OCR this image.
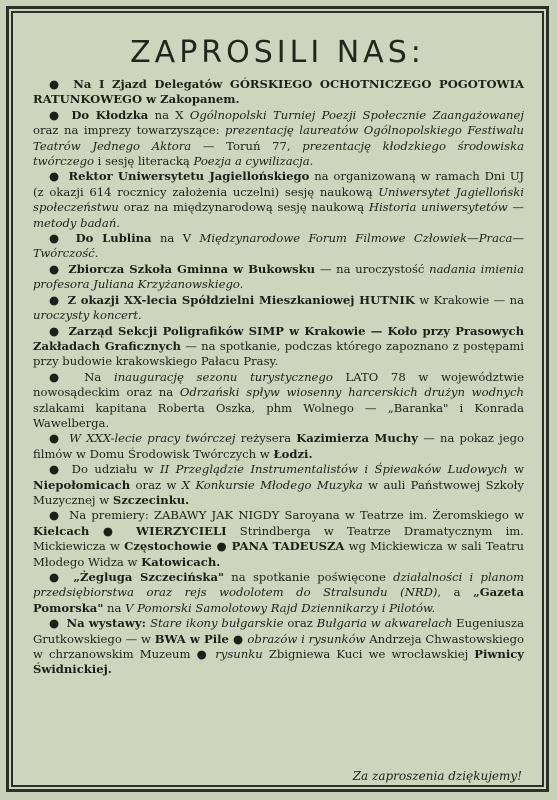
ZAPROSILI NAS:

● Na I Zjazd Delegatów GÓRSKIEGO OCHOTNICZEGO POGOTOWIA RATUNKOWEGO w Zakopanem.

● Do Kłodzka na X Ogólnopolski Turniej Poezji Społecznie Zaangażowanej oraz na imprezy towarzyszące: prezentację laureatów Ogólnopolskiego Festiwalu Teatrów Jednego Aktora — Toruń 77, prezentację kłodzkiego środowiska twórczego i sesję literacką Poezja a cywilizacja.

● Rektor Uniwersytetu Jagiellońskiego na organizowaną w ramach Dni UJ (z okazji 614 rocznicy założenia uczelni) sesję naukową Uniwersytet Jagielloński społeczeństwu oraz na międzynarodową sesję naukową Historia uniwersytetów — metody badań.

● Do Lublina na V Międzynarodowe Forum Filmowe Człowiek—Praca—Twórczość.

● Zbiorcza Szkoła Gminna w Bukowsku — na uroczystość nadania imienia profesora Juliana Krzyżanowskiego.

● Z okazji XX-lecia Spółdzielni Mieszkaniowej HUTNIK w Krakowie — na uroczysty koncert.

● Zarząd Sekcji Poligrafików SIMP w Krakowie — Koło przy Prasowych Zakładach Graficznych — na spotkanie, podczas którego zapoznano z postępami przy budowie krakowskiego Pałacu Prasy.

● Na inaugurację sezonu turystycznego LATO 78 w województwie nowosądeckim oraz na Odrzański spływ wiosenny harcerskich drużyn wodnych szlakami kapitana Roberta Oszka, phm Wolnego — „Baranka" i Konrada Wawelberga.

● W XXX-lecie pracy twórczej reżysera Kazimierza Muchy — na pokaz jego filmów w Domu Środowisk Twórczych w Łodzi.

● Do udziału w II Przeglądzie Instrumentalistów i Śpiewaków Ludowych w Niepołomicach oraz w X Konkursie Młodego Muzyka w auli Państwowej Szkoły Muzycznej w Szczecinku.

● Na premiery: ZABAWY JAK NIGDY Saroyana w Teatrze im. Żeromskiego w Kielcach ● WIERZYCIELI Strindberga w Teatrze Dramatycznym im. Mickiewicza w Częstochowie ● PANA TADEUSZA wg Mickiewicza w sali Teatru Młodego Widza w Katowicach.

● „Żegluga Szczecińska" na spotkanie poświęcone działalności i planom przedsiębiorstwa oraz rejs wodolotem do Stralsundu (NRD), a „Gazeta Pomorska" na V Pomorski Samolotowy Rajd Dziennikarzy i Pilotów.

● Na wystawy: Stare ikony bułgarskie oraz Bułgaria w akwarelach Eugeniusza Grutkowskiego — w BWA w Pile ● obrazów i rysunków Andrzeja Chwastowskiego w chrzanowskim Muzeum ● rysunku Zbigniewa Kuci we wrocławskiej Piwnicy Świdnickiej.

Za zaproszenia dziękujemy!
